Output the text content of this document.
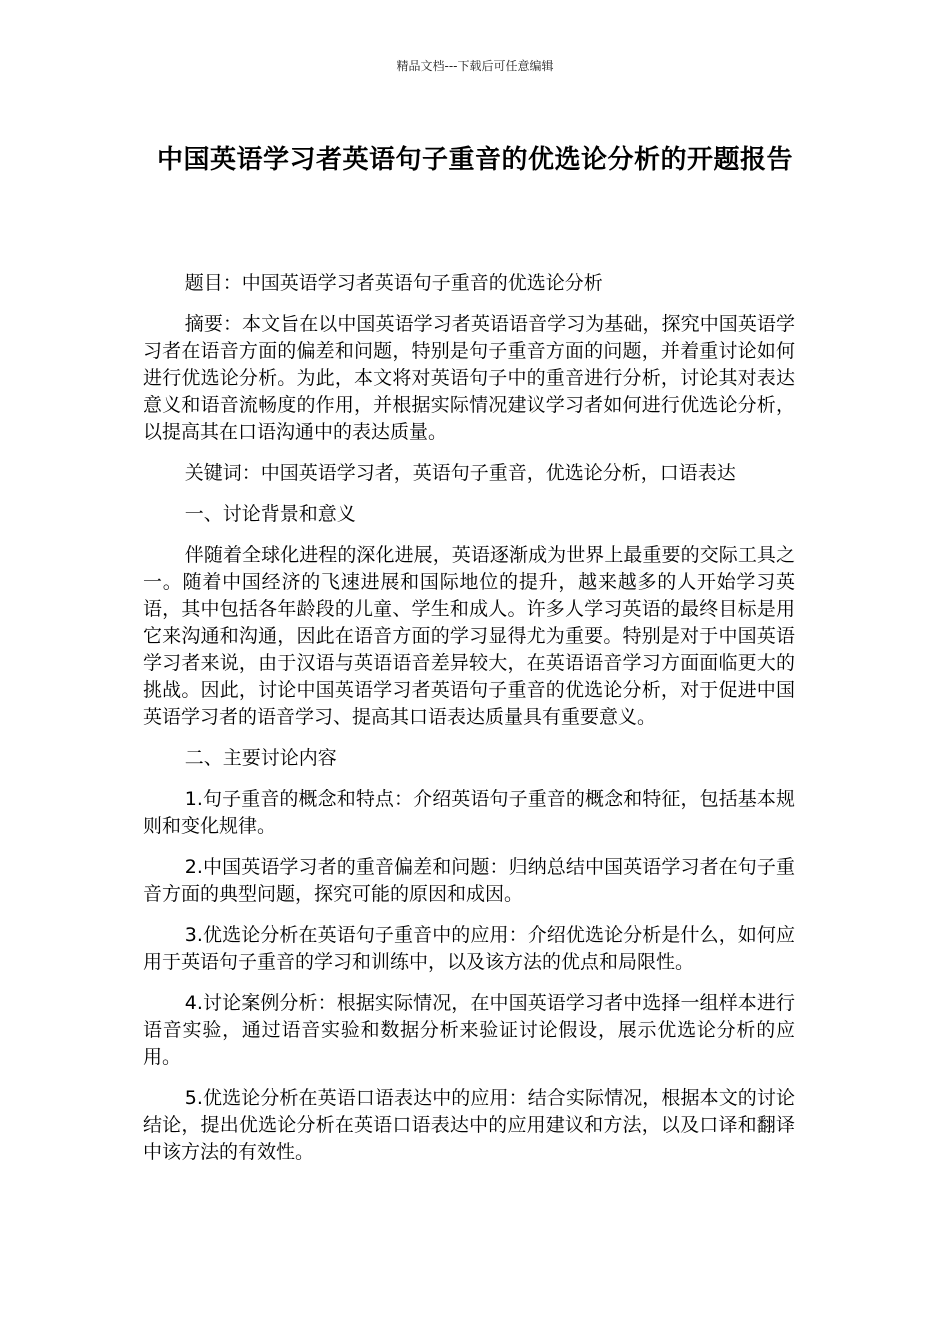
精品文档---下载后可任意编辑
中国英语学习者英语句子重音的优选论分析的开题报告

题目：中国英语学习者英语句子重音的优选论分析

摘要：本文旨在以中国英语学习者英语语音学习为基础，探究中国英语学习者在语音方面的偏差和问题，特别是句子重音方面的问题，并着重讨论如何进行优选论分析。为此，本文将对英语句子中的重音进行分析，讨论其对表达意义和语音流畅度的作用，并根据实际情况建议学习者如何进行优选论分析，以提高其在口语沟通中的表达质量。

关键词：中国英语学习者，英语句子重音，优选论分析，口语表达

一、讨论背景和意义

伴随着全球化进程的深化进展，英语逐渐成为世界上最重要的交际工具之一。随着中国经济的飞速进展和国际地位的提升，越来越多的人开始学习英语，其中包括各年龄段的儿童、学生和成人。许多人学习英语的最终目标是用它来沟通和沟通，因此在语音方面的学习显得尤为重要。特别是对于中国英语学习者来说，由于汉语与英语语音差异较大，在英语语音学习方面面临更大的挑战。因此，讨论中国英语学习者英语句子重音的优选论分析，对于促进中国英语学习者的语音学习、提高其口语表达质量具有重要意义。

二、主要讨论内容

1.句子重音的概念和特点：介绍英语句子重音的概念和特征，包括基本规则和变化规律。

2.中国英语学习者的重音偏差和问题：归纳总结中国英语学习者在句子重音方面的典型问题，探究可能的原因和成因。

3.优选论分析在英语句子重音中的应用：介绍优选论分析是什么，如何应用于英语句子重音的学习和训练中，以及该方法的优点和局限性。

4.讨论案例分析：根据实际情况，在中国英语学习者中选择一组样本进行语音实验，通过语音实验和数据分析来验证讨论假设，展示优选论分析的应用。

5.优选论分析在英语口语表达中的应用：结合实际情况，根据本文的讨论结论，提出优选论分析在英语口语表达中的应用建议和方法，以及口译和翻译中该方法的有效性。
